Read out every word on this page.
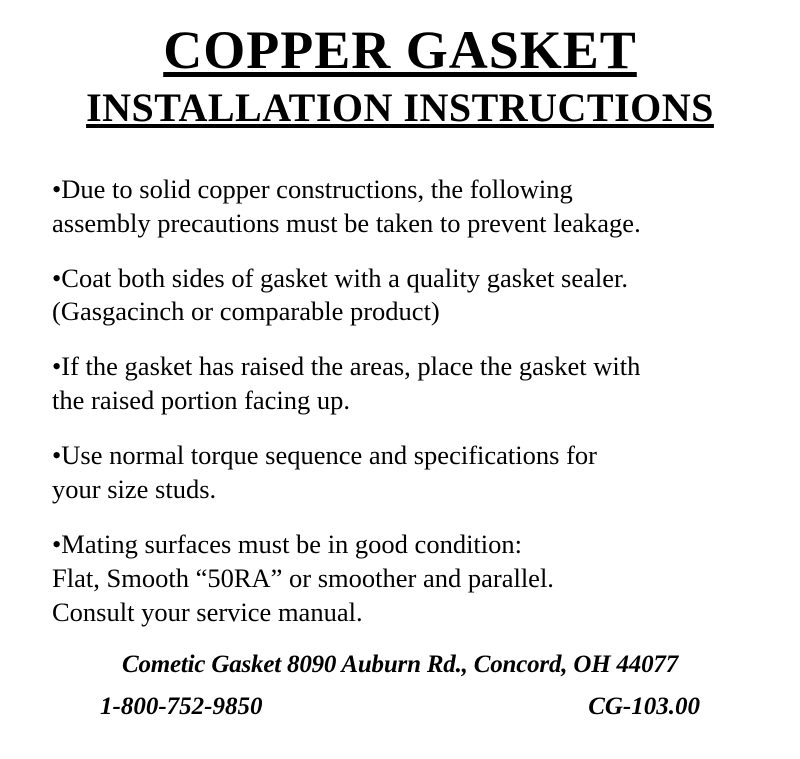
COPPER GASKET
INSTALLATION INSTRUCTIONS
•Due to solid copper constructions, the following
assembly precautions must be taken to prevent leakage.
•Coat both sides of gasket with a quality gasket sealer.
(Gasgacinch or comparable product)
•If the gasket has raised the areas, place the gasket with
the raised portion facing up.
•Use normal torque sequence and specifications for
your size studs.
•Mating surfaces must be in good condition:
Flat, Smooth “50RA” or smoother and parallel.
Consult your service manual.
Cometic Gasket 8090 Auburn Rd., Concord, OH 44077
1-800-752-9850	CG-103.00
